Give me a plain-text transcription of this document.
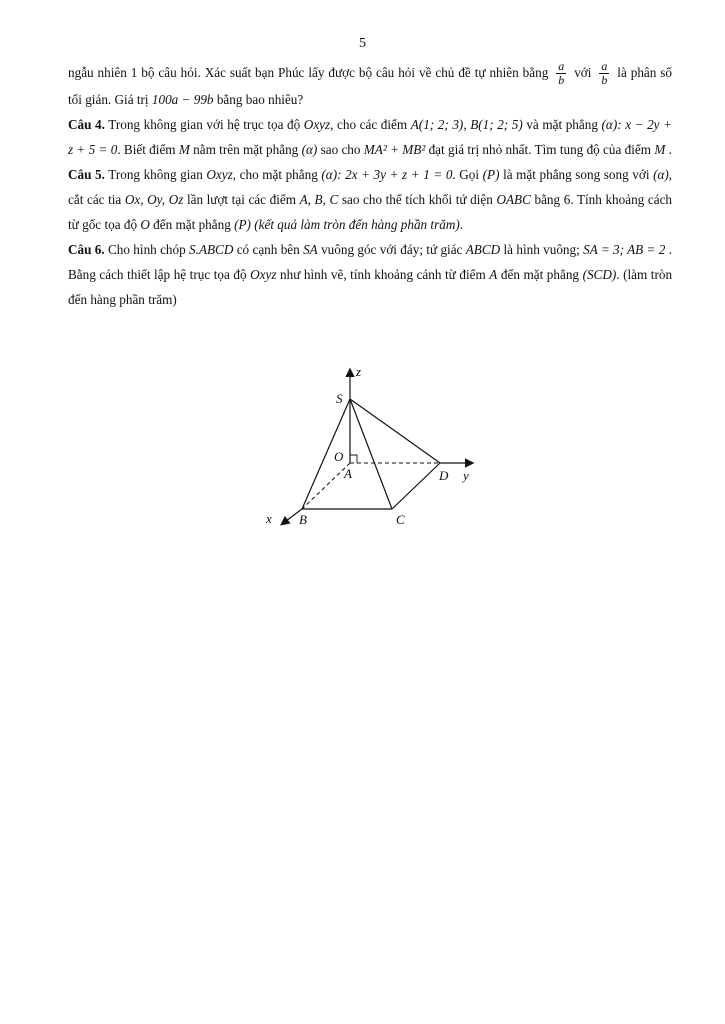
5

ngẫu nhiên 1 bộ câu hỏi. Xác suất bạn Phúc lấy được bộ câu hỏi về chủ đề tự nhiên bằng $\frac{a}{b}$ với $\frac{a}{b}$ là phân số tối giản. Giá trị 100a − 99b bằng bao nhiêu?

Câu 4. Trong không gian với hệ trục tọa độ Oxyz, cho các điểm A(1; 2; 3), B(1; 2; 5) và mặt phẳng (α): x − 2y + z + 5 = 0. Biết điểm M nằm trên mặt phẳng (α) sao cho MA² + MB² đạt giá trị nhỏ nhất. Tìm tung độ của điểm M .

Câu 5. Trong không gian Oxyz, cho mặt phẳng (α): 2x + 3y + z + 1 = 0. Gọi (P) là mặt phẳng song song với (α), cắt các tia Ox, Oy, Oz lần lượt tại các điểm A, B, C sao cho thể tích khối tứ diện OABC bằng 6. Tính khoảng cách từ gốc tọa độ O đến mặt phẳng (P) (kết quả làm tròn đến hàng phần trăm).

Câu 6. Cho hình chóp S.ABCD có cạnh bên SA vuông góc với đáy; tứ giác ABCD là hình vuông; SA = 3; AB = 2 . Bằng cách thiết lập hệ trục tọa độ Oxyz như hình vẽ, tính khoảng cánh từ điểm A đến mặt phẳng (SCD). (làm tròn đến hàng phần trăm)

z
S
O
A	D y
x B	C
